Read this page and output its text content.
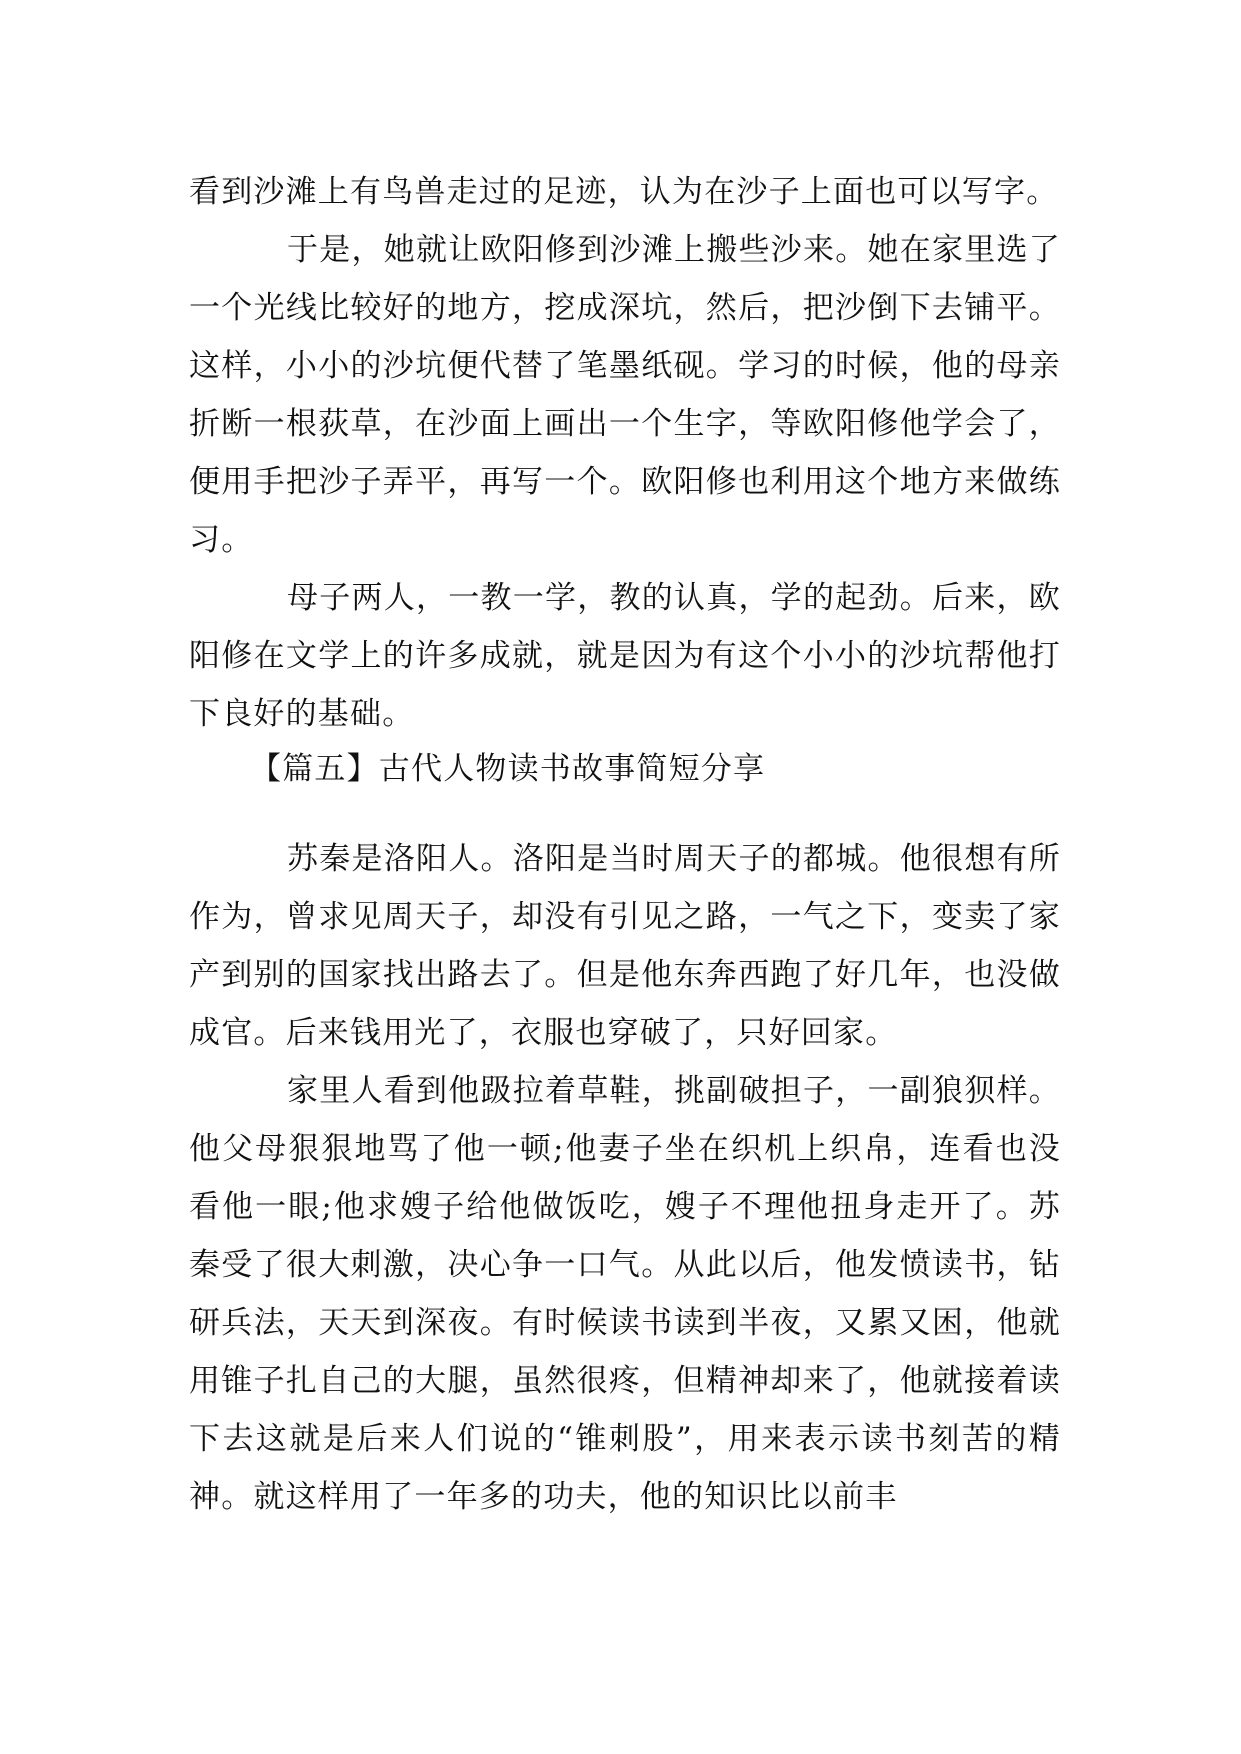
看到沙滩上有鸟兽走过的足迹，认为在沙子上面也可以写字。

于是，她就让欧阳修到沙滩上搬些沙来。她在家里选了一个光线比较好的地方，挖成深坑，然后，把沙倒下去铺平。这样，小小的沙坑便代替了笔墨纸砚。学习的时候，他的母亲折断一根荻草，在沙面上画出一个生字，等欧阳修他学会了，便用手把沙子弄平，再写一个。欧阳修也利用这个地方来做练习。

母子两人，一教一学，教的认真，学的起劲。后来，欧阳修在文学上的许多成就，就是因为有这个小小的沙坑帮他打下良好的基础。

【篇五】古代人物读书故事简短分享

苏秦是洛阳人。洛阳是当时周天子的都城。他很想有所作为，曾求见周天子，却没有引见之路，一气之下，变卖了家产到别的国家找出路去了。但是他东奔西跑了好几年，也没做成官。后来钱用光了，衣服也穿破了，只好回家。

家里人看到他趿拉着草鞋，挑副破担子，一副狼狈样。他父母狠狠地骂了他一顿;他妻子坐在织机上织帛，连看也没看他一眼;他求嫂子给他做饭吃，嫂子不理他扭身走开了。苏秦受了很大刺激，决心争一口气。从此以后，他发愤读书，钻研兵法，天天到深夜。有时候读书读到半夜，又累又困，他就用锥子扎自己的大腿，虽然很疼，但精神却来了，他就接着读下去这就是后来人们说的“锥刺股”，用来表示读书刻苦的精神。就这样用了一年多的功夫，他的知识比以前丰
